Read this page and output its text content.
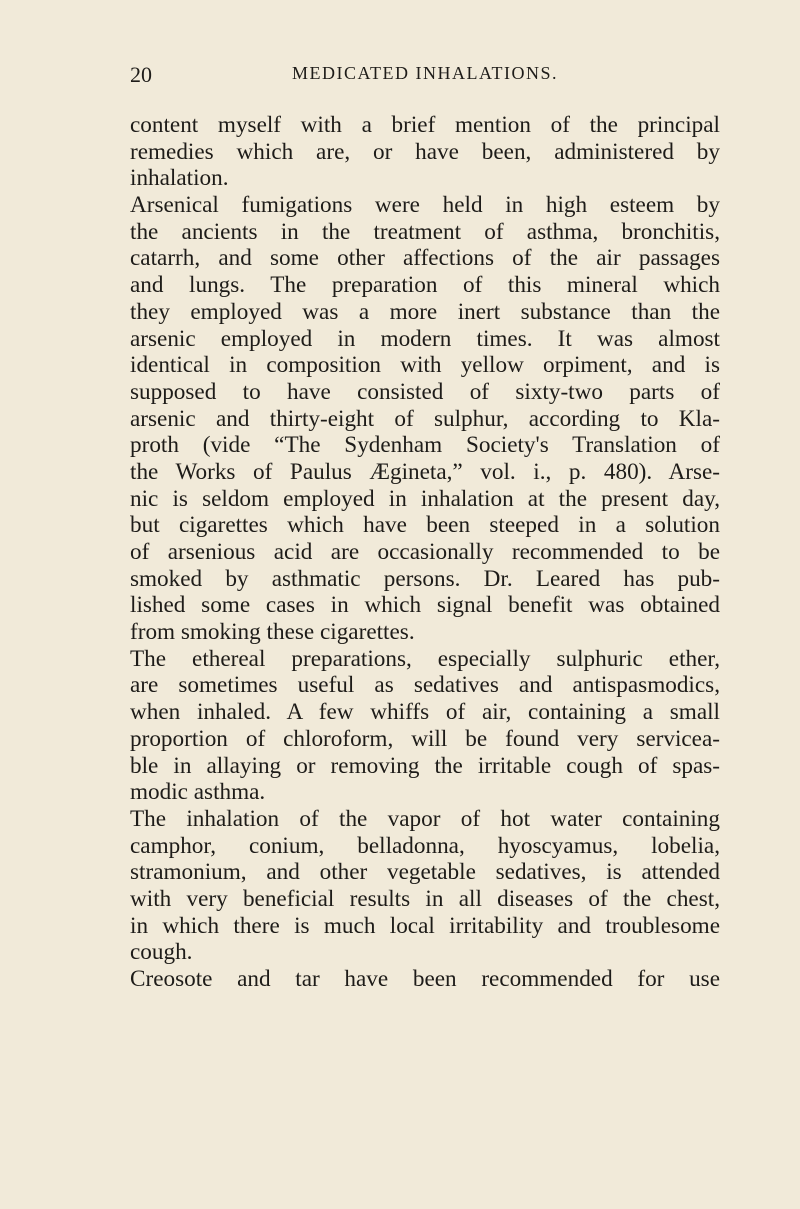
20	MEDICATED INHALATIONS.
content myself with a brief mention of the principal
remedies which are, or have been, administered by
inhalation.
Arsenical fumigations were held in high esteem by
the ancients in the treatment of asthma, bronchitis,
catarrh, and some other affections of the air passages
and lungs. The preparation of this mineral which
they employed was a more inert substance than the
arsenic employed in modern times. It was almost
identical in composition with yellow orpiment, and is
supposed to have consisted of sixty-two parts of
arsenic and thirty-eight of sulphur, according to Kla-
proth (vide “The Sydenham Society's Translation of
the Works of Paulus Ægineta,” vol. i., p. 480). Arse-
nic is seldom employed in inhalation at the present day,
but cigarettes which have been steeped in a solution
of arsenious acid are occasionally recommended to be
smoked by asthmatic persons. Dr. Leared has pub-
lished some cases in which signal benefit was obtained
from smoking these cigarettes.
The ethereal preparations, especially sulphuric ether,
are sometimes useful as sedatives and antispasmodics,
when inhaled. A few whiffs of air, containing a small
proportion of chloroform, will be found very servicea-
ble in allaying or removing the irritable cough of spas-
modic asthma.
The inhalation of the vapor of hot water containing
camphor, conium, belladonna, hyoscyamus, lobelia,
stramonium, and other vegetable sedatives, is attended
with very beneficial results in all diseases of the chest,
in which there is much local irritability and troublesome
cough.
Creosote and tar have been recommended for use
